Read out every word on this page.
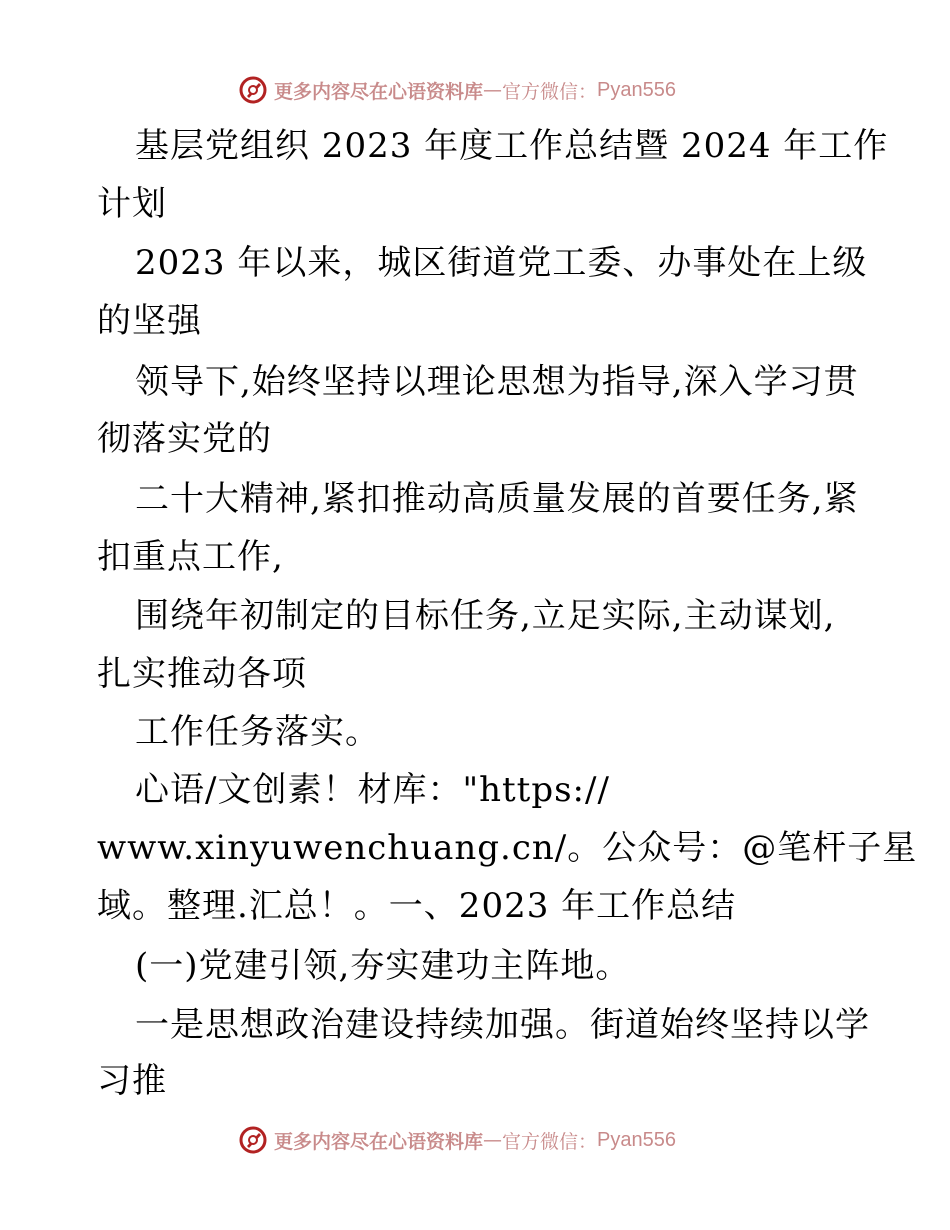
更多内容尽在心语资料库 — 官方微信： Pyan556
基层党组织 2023 年度工作总结暨 2024 年工作
计划
2023 年以来，城区街道党工委、办事处在上级
的坚强
领导下,始终坚持以理论思想为指导,深入学习贯
彻落实党的
二十大精神,紧扣推动高质量发展的首要任务,紧
扣重点工作,
围绕年初制定的目标任务,立足实际,主动谋划,
扎实推动各项
工作任务落实。
心语/文创素！材库："https://
www.xinyuwenchuang.cn/。公众号：@笔杆子星
域。整理.汇总！。一、2023 年工作总结
(一)党建引领,夯实建功主阵地。
一是思想政治建设持续加强。街道始终坚持以学
习推
更多内容尽在心语资料库 — 官方微信： Pyan556
